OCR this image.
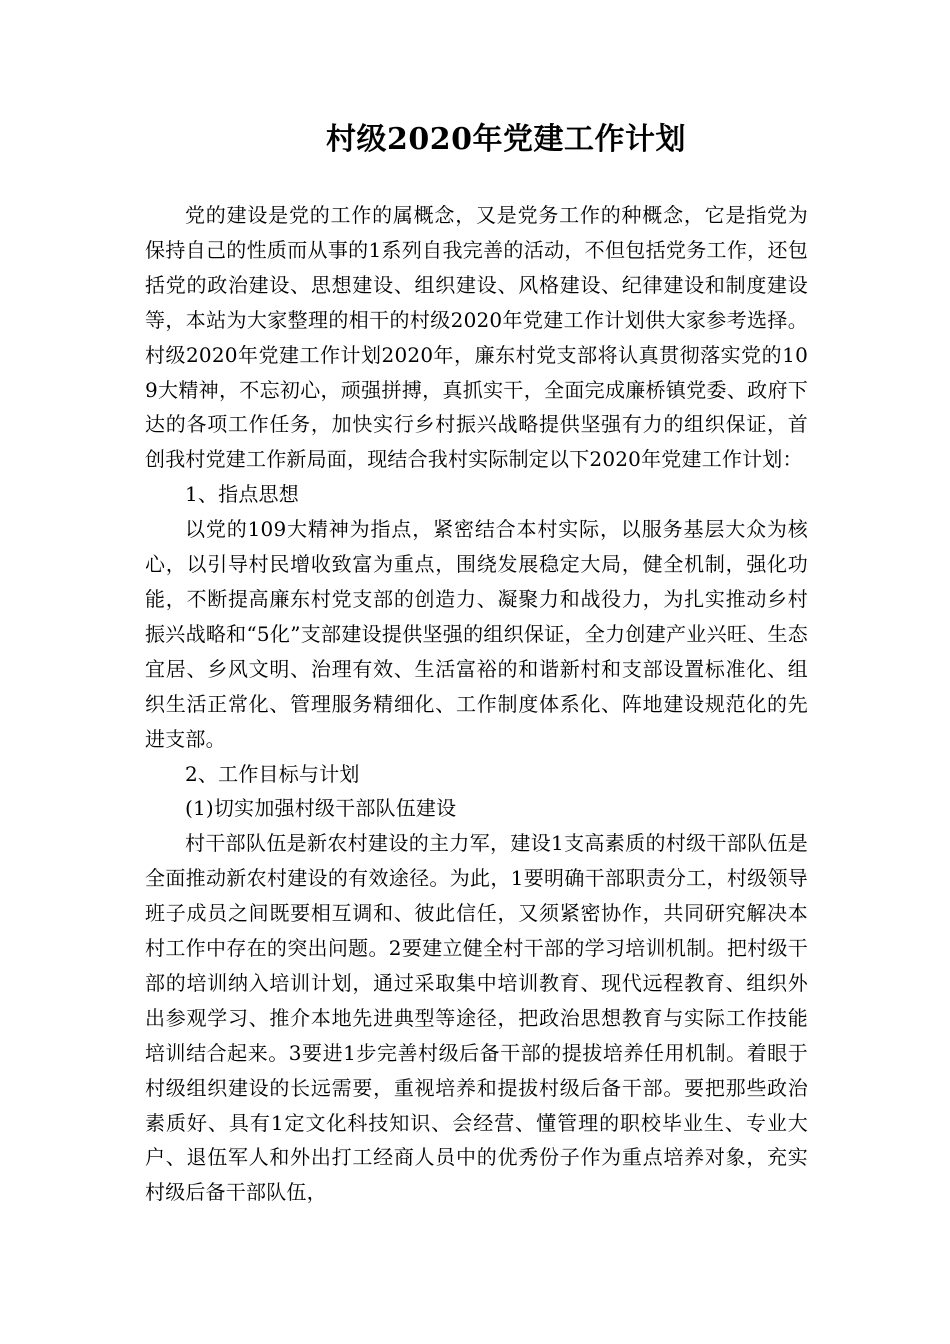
村级2020年党建工作计划

党的建设是党的工作的属概念，又是党务工作的种概念，它是指党为保持自己的性质而从事的1系列自我完善的活动，不但包括党务工作，还包括党的政治建设、思想建设、组织建设、风格建设、纪律建设和制度建设等，本站为大家整理的相干的村级2020年党建工作计划供大家参考选择。村级2020年党建工作计划2020年，廉东村党支部将认真贯彻落实党的109大精神，不忘初心，顽强拼搏，真抓实干，全面完成廉桥镇党委、政府下达的各项工作任务，加快实行乡村振兴战略提供坚强有力的组织保证，首创我村党建工作新局面，现结合我村实际制定以下2020年党建工作计划：

1、指点思想

以党的109大精神为指点，紧密结合本村实际，以服务基层大众为核心，以引导村民增收致富为重点，围绕发展稳定大局，健全机制，强化功能，不断提高廉东村党支部的创造力、凝聚力和战役力，为扎实推动乡村振兴战略和“5化”支部建设提供坚强的组织保证，全力创建产业兴旺、生态宜居、乡风文明、治理有效、生活富裕的和谐新村和支部设置标准化、组织生活正常化、管理服务精细化、工作制度体系化、阵地建设规范化的先进支部。

2、工作目标与计划

(1)切实加强村级干部队伍建设

村干部队伍是新农村建设的主力军，建设1支高素质的村级干部队伍是全面推动新农村建设的有效途径。为此，1要明确干部职责分工，村级领导班子成员之间既要相互调和、彼此信任，又须紧密协作，共同研究解决本村工作中存在的突出问题。2要建立健全村干部的学习培训机制。把村级干部的培训纳入培训计划，通过采取集中培训教育、现代远程教育、组织外出参观学习、推介本地先进典型等途径，把政治思想教育与实际工作技能培训结合起来。3要进1步完善村级后备干部的提拔培养任用机制。着眼于村级组织建设的长远需要，重视培养和提拔村级后备干部。要把那些政治素质好、具有1定文化科技知识、会经营、懂管理的职校毕业生、专业大户、退伍军人和外出打工经商人员中的优秀份子作为重点培养对象，充实村级后备干部队伍，
